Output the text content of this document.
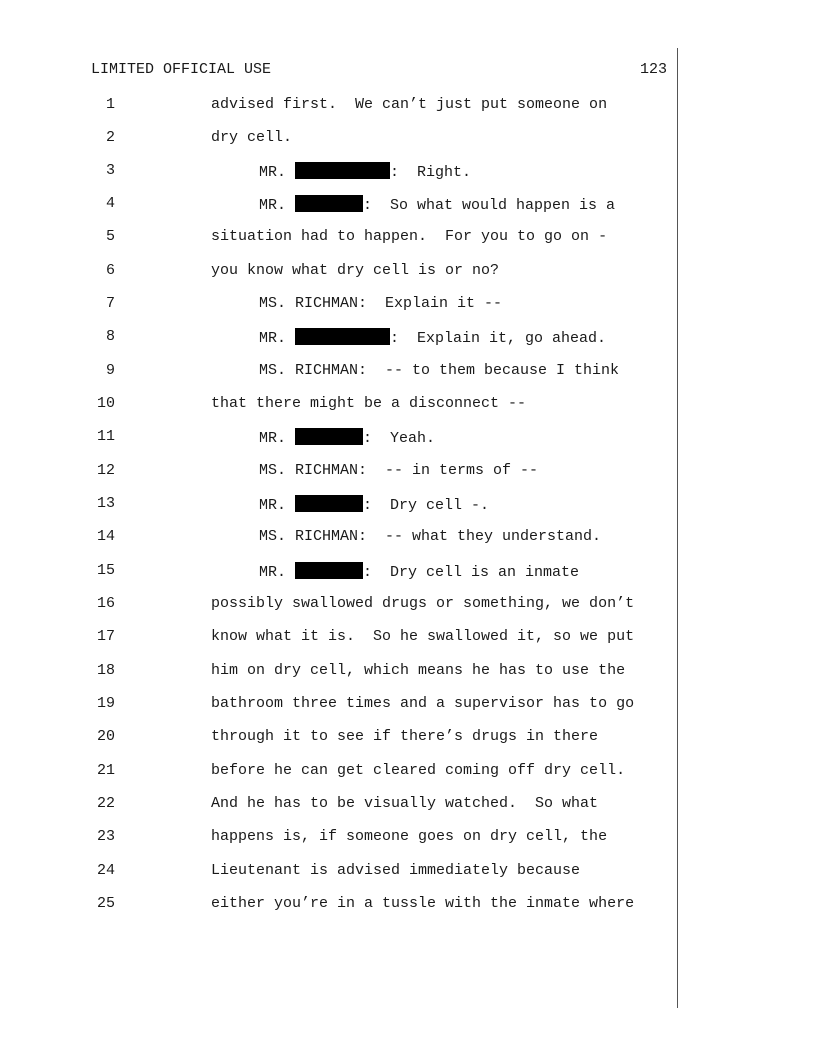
LIMITED OFFICIAL USE	123
1	advised first.  We can’t just put someone on
2	dry cell.
3	MR.	:  Right.
4	MR.	:  So what would happen is a
5	situation had to happen.  For you to go on -
6	you know what dry cell is or no?
7	MS. RICHMAN:  Explain it --
8	MR.	:  Explain it, go ahead.
9	MS. RICHMAN:  -- to them because I think
10	that there might be a disconnect --
11	MR.	:  Yeah.
12	MS. RICHMAN:  -- in terms of --
13	MR.	:  Dry cell -.
14	MS. RICHMAN:  -- what they understand.
15	MR.	:  Dry cell is an inmate
16	possibly swallowed drugs or something, we don’t
17	know what it is.  So he swallowed it, so we put
18	him on dry cell, which means he has to use the
19	bathroom three times and a supervisor has to go
20	through it to see if there’s drugs in there
21	before he can get cleared coming off dry cell.
22	And he has to be visually watched.  So what
23	happens is, if someone goes on dry cell, the
24	Lieutenant is advised immediately because
25	either you’re in a tussle with the inmate where
